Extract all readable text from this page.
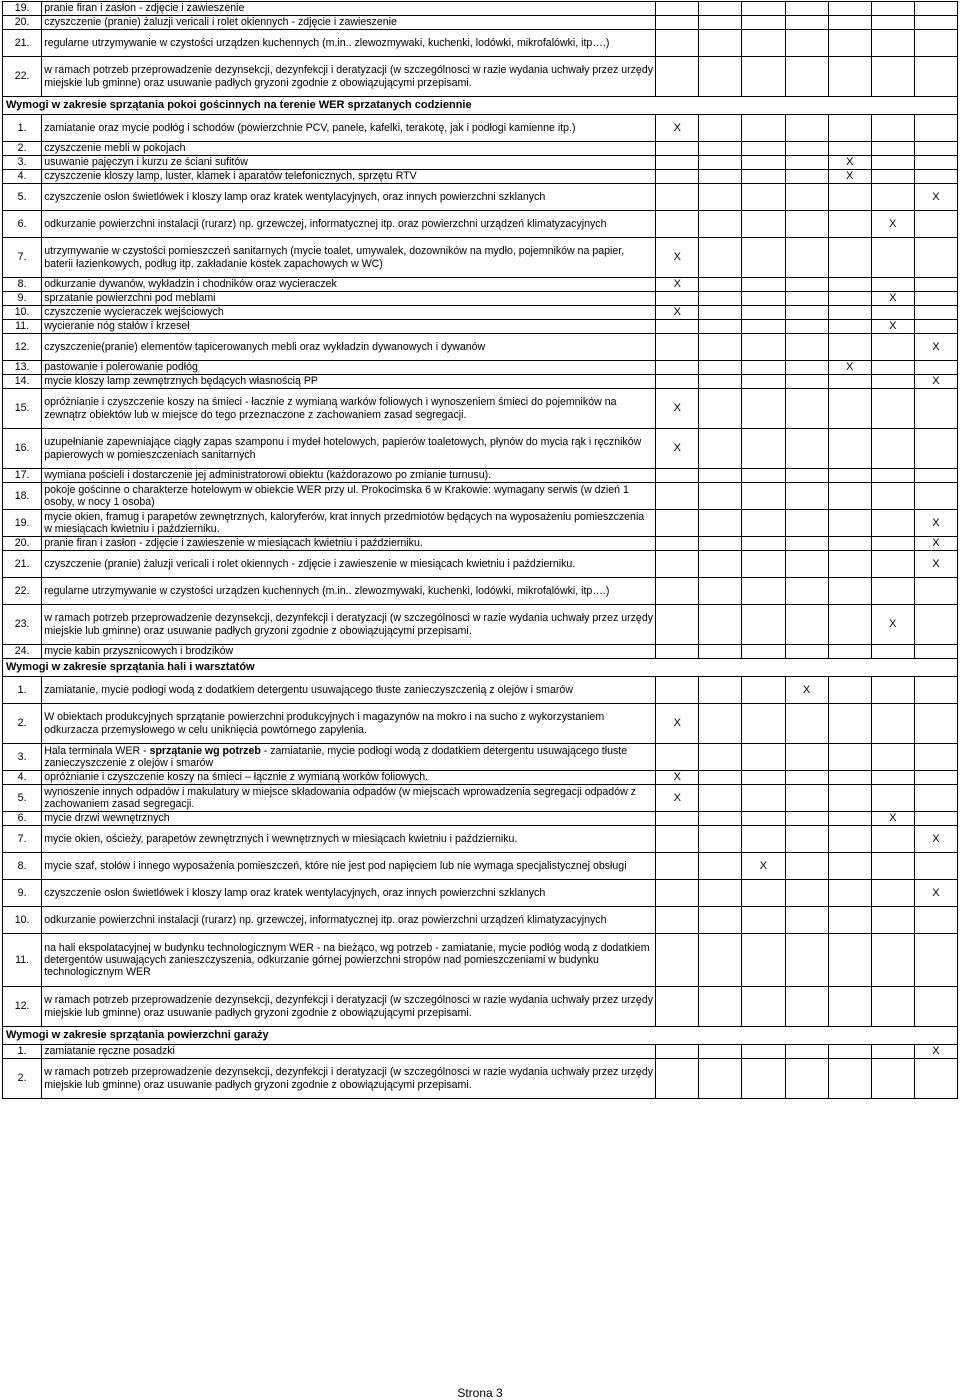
19.	pranie firan i zasłon - zdjęcie i zawieszenie							
20.	czyszczenie (pranie) żaluzji vericali i rolet okiennych - zdjęcie i zawieszenie							
21.	regularne utrzymywanie w czystości urządzen kuchennych (m.in.. zlewozmywaki, kuchenki, lodówki, mikrofalówki, itp….)							
22.	w ramach potrzeb przeprowadzenie dezynsekcji, dezynfekcji i deratyzacji (w szczególnosci w razie wydania uchwały przez urzędy miejskie lub gminne) oraz usuwanie padłych gryzoni zgodnie z obowiązującymi przepisami.							
Wymogi w zakresie sprzątania pokoi gościnnych na terenie WER sprzatanych codziennie								
1.	zamiatanie oraz mycie podłóg i schodów (powierzchnie PCV, panele, kafelki, terakotę, jak i podłogi kamienne itp.)	X						
2.	czyszczenie mebli w pokojach							
3.	usuwanie pajęczyn i kurzu ze ściani sufitów					X		
4.	czyszczenie kloszy lamp, luster, klamek i aparatów telefonicznych, sprzętu RTV					X		
5.	czyszczenie osłon świetlówek i kloszy lamp oraz kratek wentylacyjnych, oraz innych powierzchni szklanych							X
6.	odkurzanie powierzchni instalacji (rurarz) np. grzewczej, informatycznej itp. oraz powierzchni urządzeń klimatyzacyjnych						X	
7.	utrzymywanie w czystości pomieszczeń sanitarnych (mycie toalet, umywalek, dozowników na mydło, pojemników na papier, baterii łazienkowych, podług itp. zakładanie kostek zapachowych w WC)	X						
8.	odkurzanie dywanów, wykładzin i chodników oraz wycieraczek	X						
9.	sprzatanie powierzchni pod meblami						X	
10.	czyszczenie wycieraczek wejściowych	X						
11.	wycieranie nóg stałów i krzeseł						X	
12.	czyszczenie(pranie) elementów tapicerowanych mebli oraz wykładzin dywanowych i dywanów							X
13.	pastowanie i polerowanie podłóg					X		
14.	mycie kloszy lamp zewnętrznych będących własnością PP							X
15.	opróżnianie i czyszczenie koszy na śmieci - łacznie z wymianą warków foliowych i wynoszeniem śmieci do pojemników na zewnątrz obiektów lub w miejsce do tego przeznaczone z zachowaniem zasad segregacji.	X						
16.	uzupełnianie zapewniające ciągły zapas szamponu i mydeł hotelowych, papierów toaletowych, płynów do mycia rąk i ręczników papierowych w pomieszczeniach sanitarnych	X						
17.	wymiana pościeli i dostarczenie jej administratorowi obiektu (każdorazowo po zmianie turnusu).							
18.	pokoje gościnne o charakterze hotelowym w obiekcie WER przy ul. Prokocimska 6 w Krakowie: wymagany serwis (w dzień 1 osoby, w nocy 1 osoba)							
19.	mycie okien, framug i parapetów zewnętrznych, kaloryferów, krat innych przedmiotów będących na wyposażeniu pomieszczenia w miesiącach kwietniu i październiku.							X
20.	pranie firan i zasłon - zdjęcie i zawieszenie w miesiącach kwietniu i październiku.							X
21.	czyszczenie (pranie) żaluzji vericali i rolet okiennych - zdjęcie i zawieszenie w miesiącach kwietniu i październiku.							X
22.	regularne utrzymywanie w czystości urządzen kuchennych (m.in.. zlewozmywaki, kuchenki, lodówki, mikrofalówki, itp….)							
23.	w ramach potrzeb przeprowadzenie dezynsekcji, dezynfekcji i deratyzacji (w szczególnosci w razie wydania uchwały przez urzędy miejskie lub gminne) oraz usuwanie padłych gryzoni zgodnie z obowiązującymi przepisami.						X	
24.	mycie kabin przysznicowych i brodzików							
Wymogi w zakresie sprzątania hali i warsztatów								
1.	zamiatanie, mycie podłogi wodą z dodatkiem detergentu usuwającego tłuste zanieczyszczenią z olejów i smarów				X			
2.	W obiektach produkcyjnych sprzątanie powierzchni produkcyjnych i magazynów na mokro i na sucho z wykorzystaniem odkurzacza przemysłowego w celu uniknięcia powtórnego zapylenia.	X						
3.	Hala terminala WER - sprzątanie wg potrzeb - zamiatanie, mycie podłogi wodą z dodatkiem detergentu usuwającego tłuste zanieczyszczenie z olejów i smarów							
4.	opróżnianie i czyszczenie koszy na śmieci – łącznie z wymianą worków foliowych.	X						
5.	wynoszenie innych odpadów i makulatury w miejsce składowania odpadów (w miejscach wprowadzenia segregacji odpadów z zachowaniem zasad segregacji.	X						
6.	mycie drzwi wewnętrznych						X	
7.	mycie okien, ościeży, parapetów zewnętrznych i wewnętrznych w miesiącach kwietniu i październiku.							X
8.	mycie szaf, stołów i innego wyposażenia pomieszczeń, które nie jest pod napięciem lub nie wymaga specjalistycznej obsługi			X				
9.	czyszczenie osłon świetlówek i kloszy lamp oraz kratek wentylacyjnych, oraz innych powierzchni szklanych							X
10.	odkurzanie powierzchni instalacji (rurarz) np. grzewczej, informatycznej itp. oraz powierzchni urządzeń klimatyzacyjnych							
11.	na hali ekspolatacyjnej w budynku technologicznym WER - na bieżąco, wg potrzeb - zamiatanie, mycie podłóg wodą z dodatkiem detergentów usuwających zanieszczyszenia, odkurzanie górnej powierzchni stropów nad pomieszczeniami w budynku technologicznym WER							
12.	w ramach potrzeb przeprowadzenie dezynsekcji, dezynfekcji i deratyzacji (w szczególnosci w razie wydania uchwały przez urzędy miejskie lub gminne) oraz usuwanie padłych gryzoni zgodnie z obowiązującymi przepisami.							
Wymogi w zakresie sprzątania powierzchni garaży								
1.	zamiatanie ręczne posadzki							X
2.	w ramach potrzeb przeprowadzenie dezynsekcji, dezynfekcji i deratyzacji (w szczególnosci w razie wydania uchwały przez urzędy miejskie lub gminne) oraz usuwanie padłych gryzoni zgodnie z obowiązującymi przepisami.							
Strona 3
